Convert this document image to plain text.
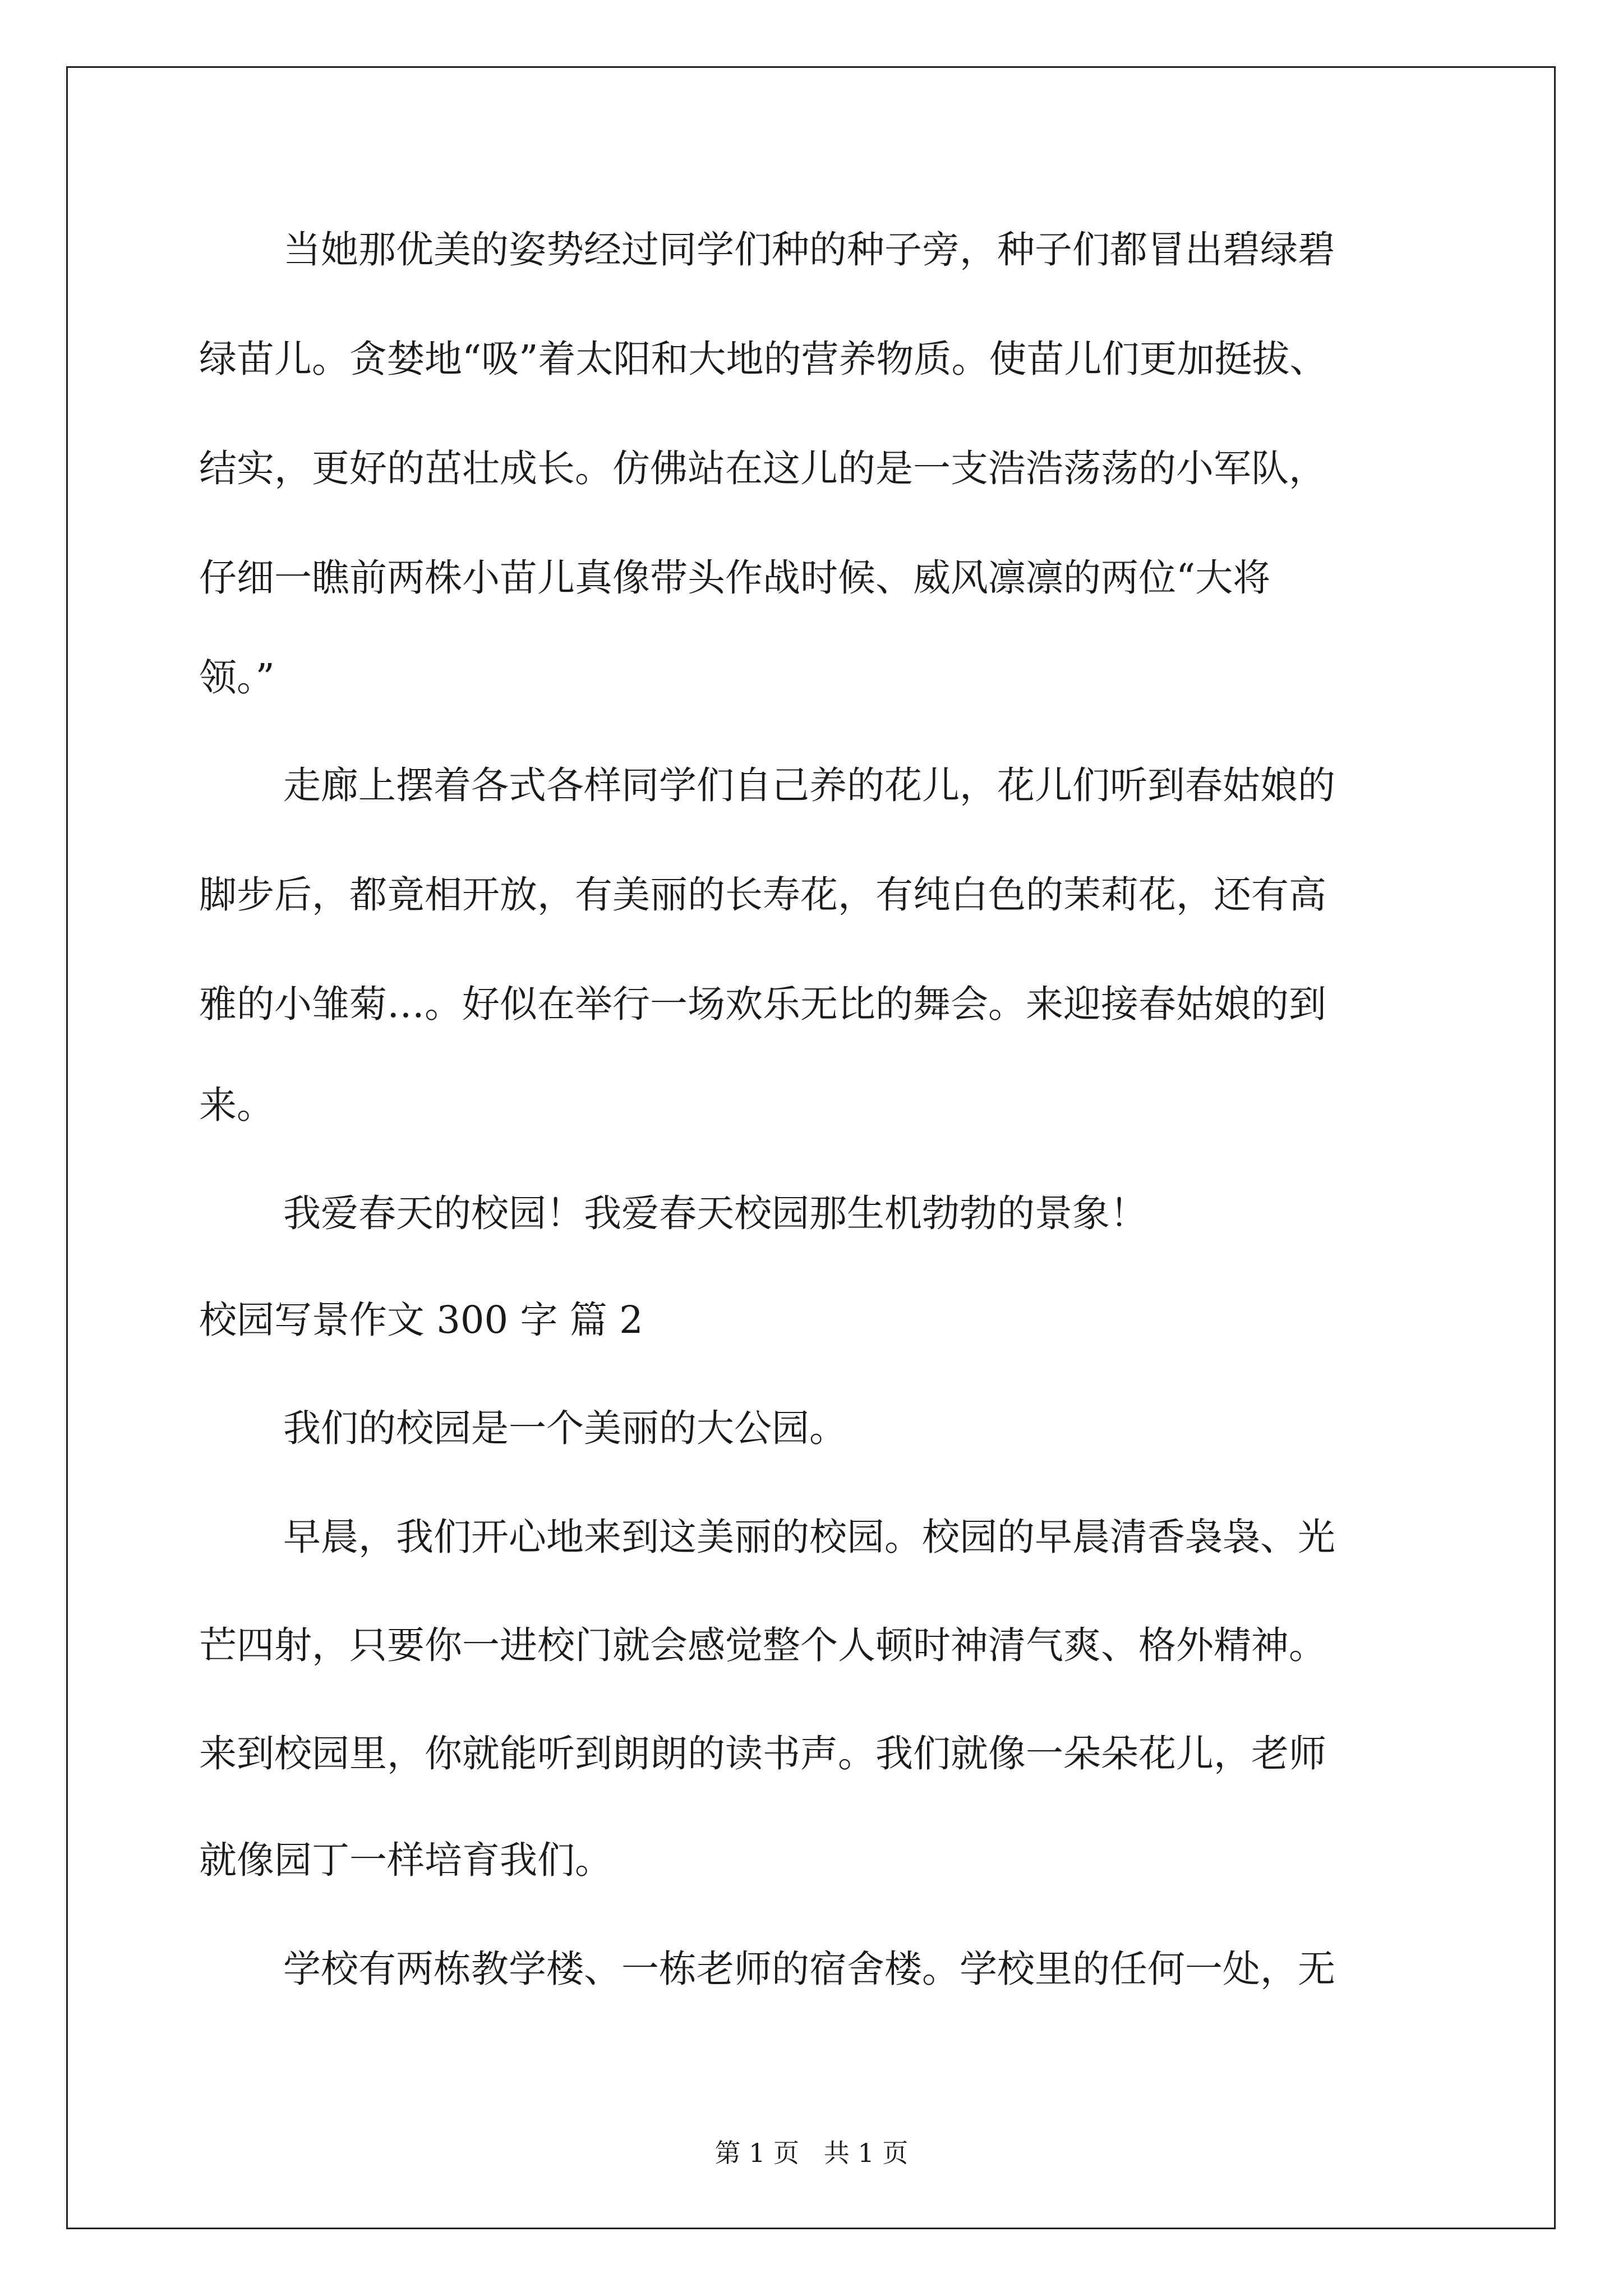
当她那优美的姿势经过同学们种的种子旁，种子们都冒出碧绿碧
绿苗儿。贪婪地“吸”着太阳和大地的营养物质。使苗儿们更加挺拔、
结实，更好的茁壮成长。仿佛站在这儿的是一支浩浩荡荡的小军队，
仔细一瞧前两株小苗儿真像带头作战时候、威风凛凛的两位“大将
领。”
走廊上摆着各式各样同学们自己养的花儿，花儿们听到春姑娘的
脚步后，都竟相开放，有美丽的长寿花，有纯白色的茉莉花，还有高
雅的小雏菊…。好似在举行一场欢乐无比的舞会。来迎接春姑娘的到
来。
我爱春天的校园！我爱春天校园那生机勃勃的景象！
校园写景作文 300 字 篇 2
我们的校园是一个美丽的大公园。
早晨，我们开心地来到这美丽的校园。校园的早晨清香袅袅、光
芒四射，只要你一进校门就会感觉整个人顿时神清气爽、格外精神。
来到校园里，你就能听到朗朗的读书声。我们就像一朵朵花儿，老师
就像园丁一样培育我们。
学校有两栋教学楼、一栋老师的宿舍楼。学校里的任何一处，无
第 1 页   共 1 页
